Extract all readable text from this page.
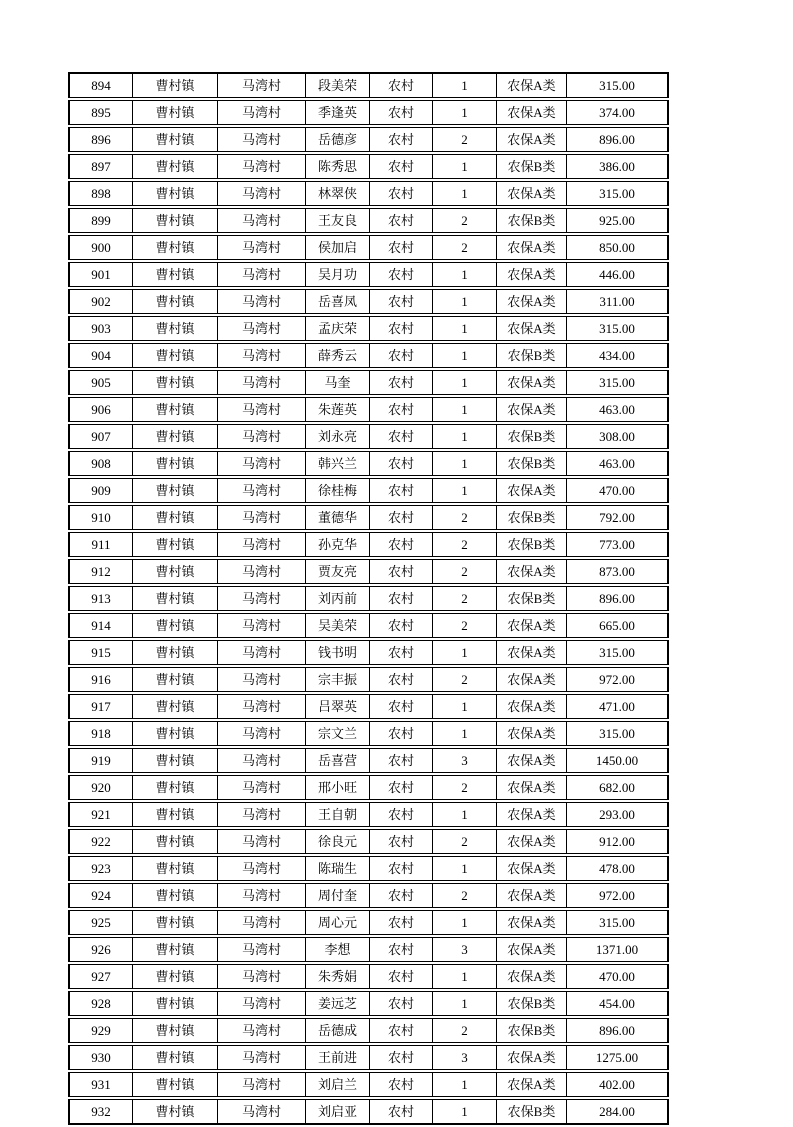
894	曹村镇	马湾村	段美荣	农村	1	农保A类	315.00
895	曹村镇	马湾村	季逢英	农村	1	农保A类	374.00
896	曹村镇	马湾村	岳德彦	农村	2	农保A类	896.00
897	曹村镇	马湾村	陈秀思	农村	1	农保B类	386.00
898	曹村镇	马湾村	林翠侠	农村	1	农保A类	315.00
899	曹村镇	马湾村	王友良	农村	2	农保B类	925.00
900	曹村镇	马湾村	侯加启	农村	2	农保A类	850.00
901	曹村镇	马湾村	吴月功	农村	1	农保A类	446.00
902	曹村镇	马湾村	岳喜凤	农村	1	农保A类	311.00
903	曹村镇	马湾村	孟庆荣	农村	1	农保A类	315.00
904	曹村镇	马湾村	薛秀云	农村	1	农保B类	434.00
905	曹村镇	马湾村	马奎	农村	1	农保A类	315.00
906	曹村镇	马湾村	朱莲英	农村	1	农保A类	463.00
907	曹村镇	马湾村	刘永亮	农村	1	农保B类	308.00
908	曹村镇	马湾村	韩兴兰	农村	1	农保B类	463.00
909	曹村镇	马湾村	徐桂梅	农村	1	农保A类	470.00
910	曹村镇	马湾村	董德华	农村	2	农保B类	792.00
911	曹村镇	马湾村	孙克华	农村	2	农保B类	773.00
912	曹村镇	马湾村	贾友亮	农村	2	农保A类	873.00
913	曹村镇	马湾村	刘丙前	农村	2	农保B类	896.00
914	曹村镇	马湾村	吴美荣	农村	2	农保A类	665.00
915	曹村镇	马湾村	钱书明	农村	1	农保A类	315.00
916	曹村镇	马湾村	宗丰振	农村	2	农保A类	972.00
917	曹村镇	马湾村	吕翠英	农村	1	农保A类	471.00
918	曹村镇	马湾村	宗文兰	农村	1	农保A类	315.00
919	曹村镇	马湾村	岳喜营	农村	3	农保A类	1450.00
920	曹村镇	马湾村	邢小旺	农村	2	农保A类	682.00
921	曹村镇	马湾村	王自朝	农村	1	农保A类	293.00
922	曹村镇	马湾村	徐良元	农村	2	农保A类	912.00
923	曹村镇	马湾村	陈瑞生	农村	1	农保A类	478.00
924	曹村镇	马湾村	周付奎	农村	2	农保A类	972.00
925	曹村镇	马湾村	周心元	农村	1	农保A类	315.00
926	曹村镇	马湾村	李想	农村	3	农保A类	1371.00
927	曹村镇	马湾村	朱秀娟	农村	1	农保A类	470.00
928	曹村镇	马湾村	姜远芝	农村	1	农保B类	454.00
929	曹村镇	马湾村	岳德成	农村	2	农保B类	896.00
930	曹村镇	马湾村	王前进	农村	3	农保A类	1275.00
931	曹村镇	马湾村	刘启兰	农村	1	农保A类	402.00
932	曹村镇	马湾村	刘启亚	农村	1	农保B类	284.00
